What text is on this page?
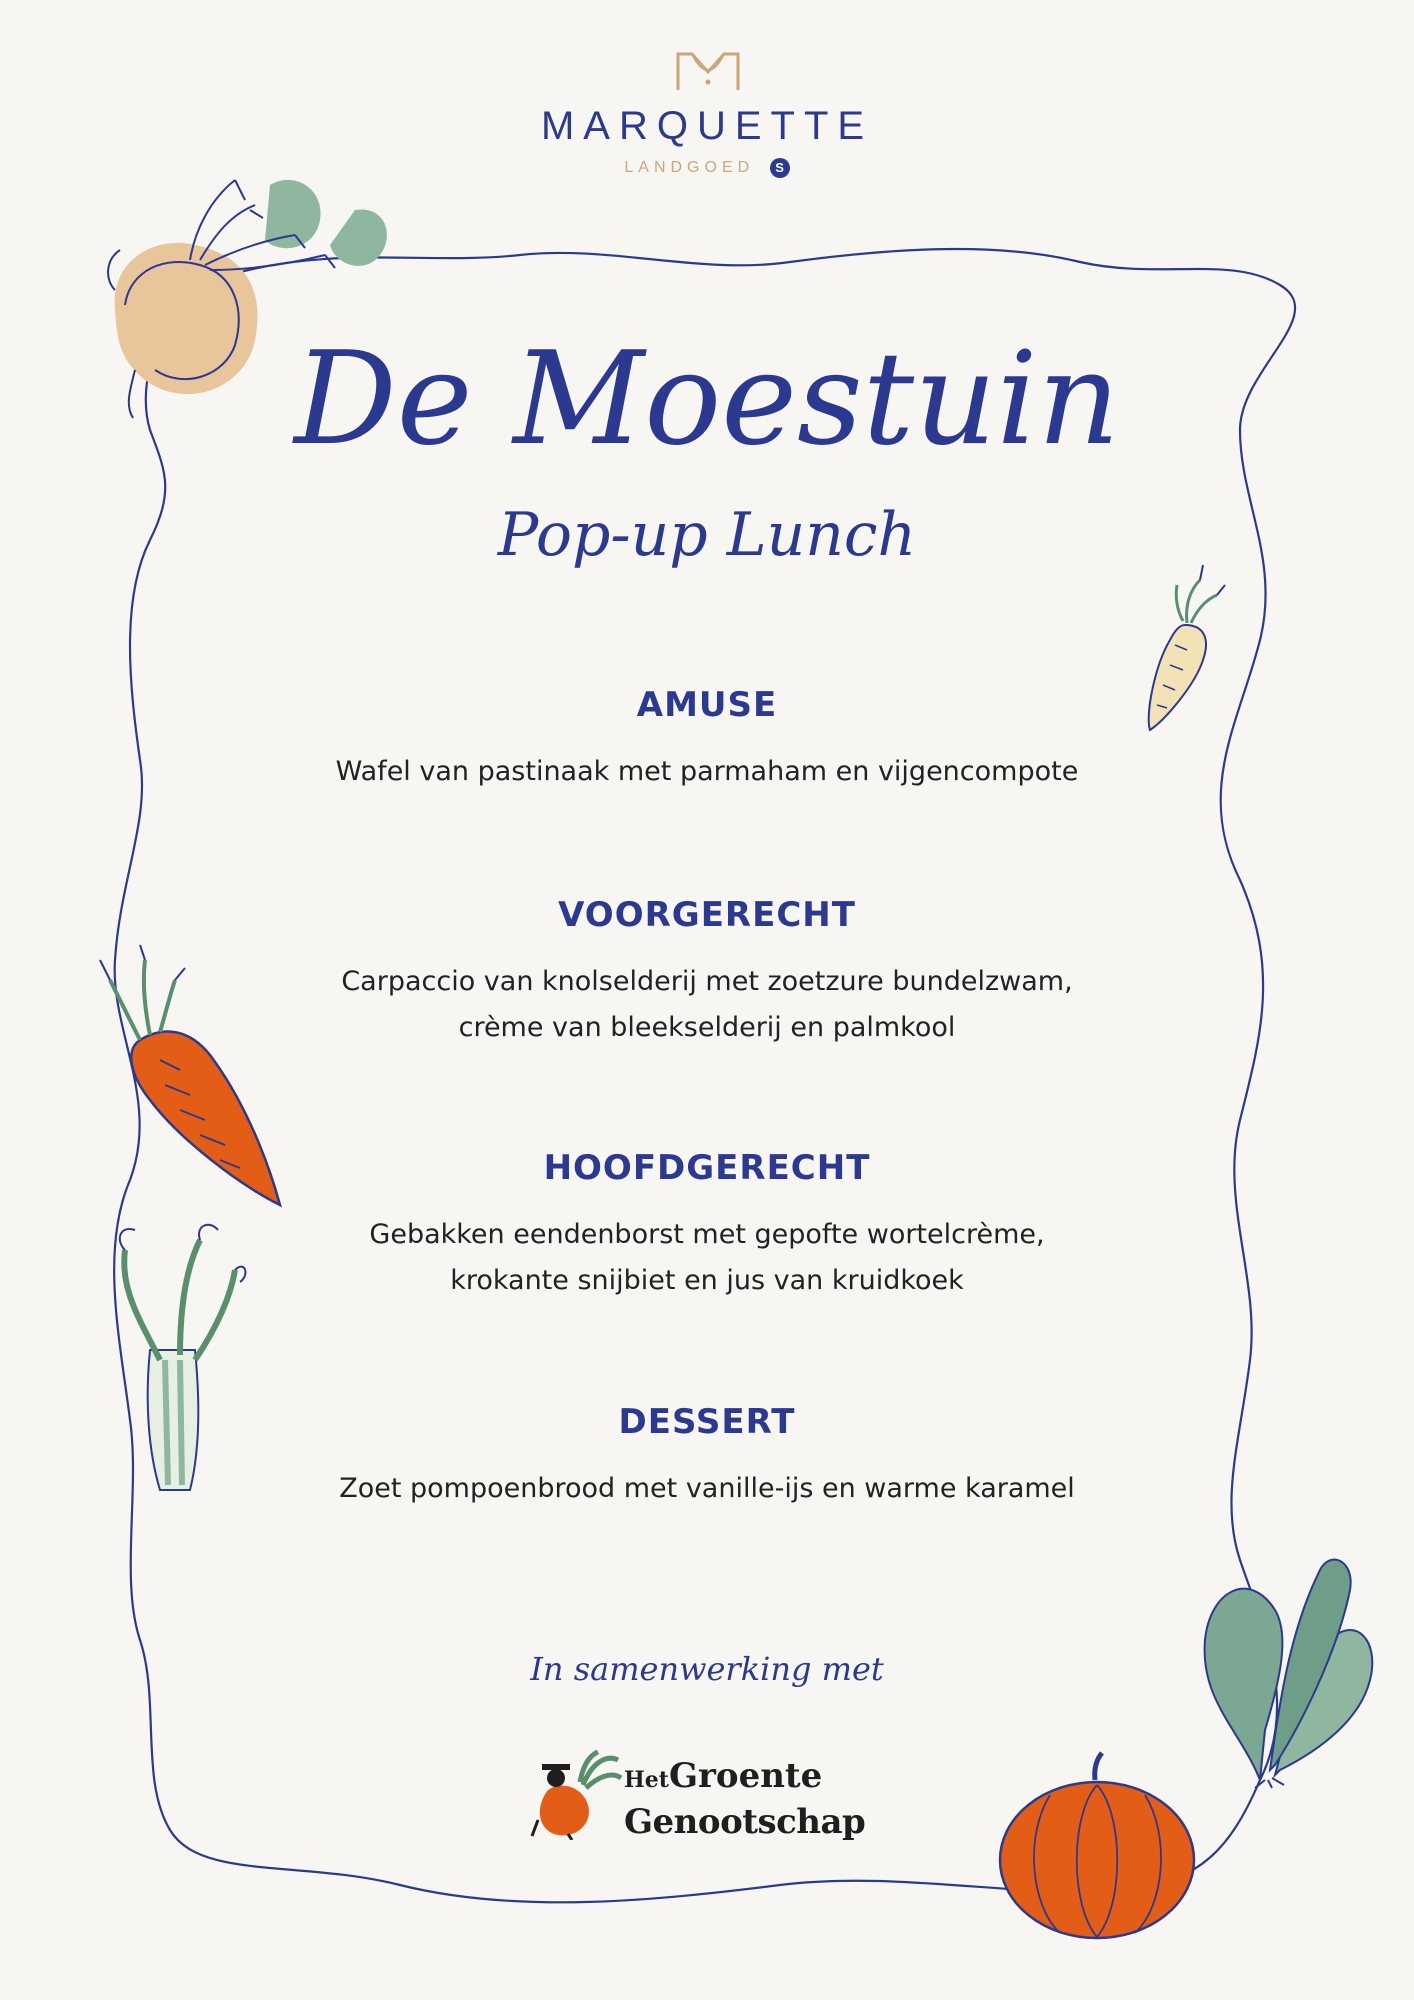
MARQUETTE
LANDGOED S
De Moestuin
Pop-up Lunch
AMUSE
Wafel van pastinaak met parmaham en vijgencompote
VOORGERECHT
Carpaccio van knolselderij met zoetzure bundelzwam,
crème van bleekselderij en palmkool
HOOFDGERECHT
Gebakken eendenborst met gepofte wortelcrème,
krokante snijbiet en jus van kruidkoek
DESSERT
Zoet pompoenbrood met vanille-ijs en warme karamel
In samenwerking met
HetGroente
Genootschap
